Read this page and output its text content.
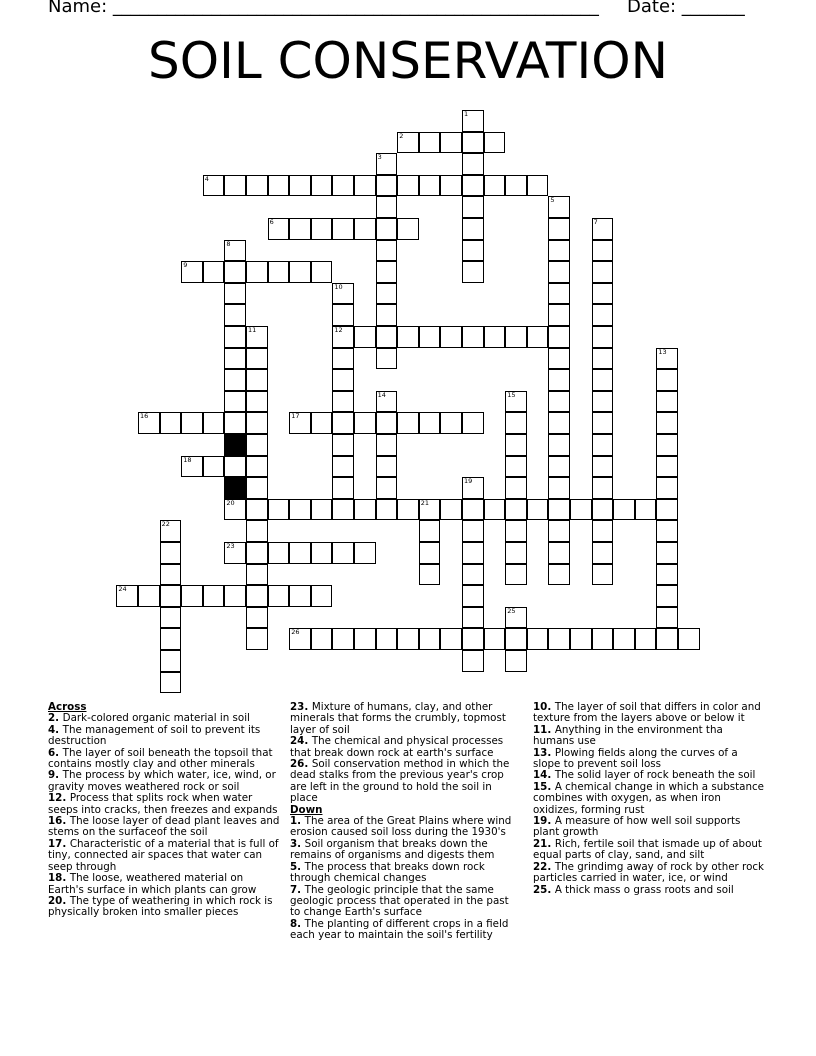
Name: ______________________________________________________ Date: _______
SOIL CONSERVATION
1
2
3
4
5
6	7
8
9
10
12
11
13
14	15
16	17
18
19
20	21
22
23
24
25
26
Across
2. Dark-colored organic material in soil
4. The management of soil to prevent its destruction
6. The layer of soil beneath the topsoil that contains mostly clay and other minerals
9. The process by which water, ice, wind, or gravity moves weathered rock or soil
12. Process that splits rock when water seeps into cracks, then freezes and expands
16. The loose layer of dead plant leaves and stems on the surfaceof the soil
17. Characteristic of a material that is full of tiny, connected air spaces that water can seep through
18. The loose, weathered material on Earth's surface in which plants can grow
20. The type of weathering in which rock is physically broken into smaller pieces
23. Mixture of humans, clay, and other minerals that forms the crumbly, topmost layer of soil
24. The chemical and physical processes that break down rock at earth's surface
26. Soil conservation method in which the dead stalks from the previous year's crop are left in the ground to hold the soil in place
Down
1. The area of the Great Plains where wind erosion caused soil loss during the 1930's
3. Soil organism that breaks down the remains of organisms and digests them
5. The process that breaks down rock through chemical changes
7. The geologic principle that the same geologic process that operated in the past to change Earth's surface
8. The planting of different crops in a field each year to maintain the soil's fertility
10. The layer of soil that differs in color and texture from the layers above or below it
11. Anything in the environment tha humans use
13. Plowing fields along the curves of a slope to prevent soil loss
14. The solid layer of rock beneath the soil
15. A chemical change in which a substance combines with oxygen, as when iron oxidizes, forming rust
19. A measure of how well soil supports plant growth
21. Rich, fertile soil that ismade up of about equal parts of clay, sand, and silt
22. The grindimg away of rock by other rock particles carried in water, ice, or wind
25. A thick mass o grass roots and soil
